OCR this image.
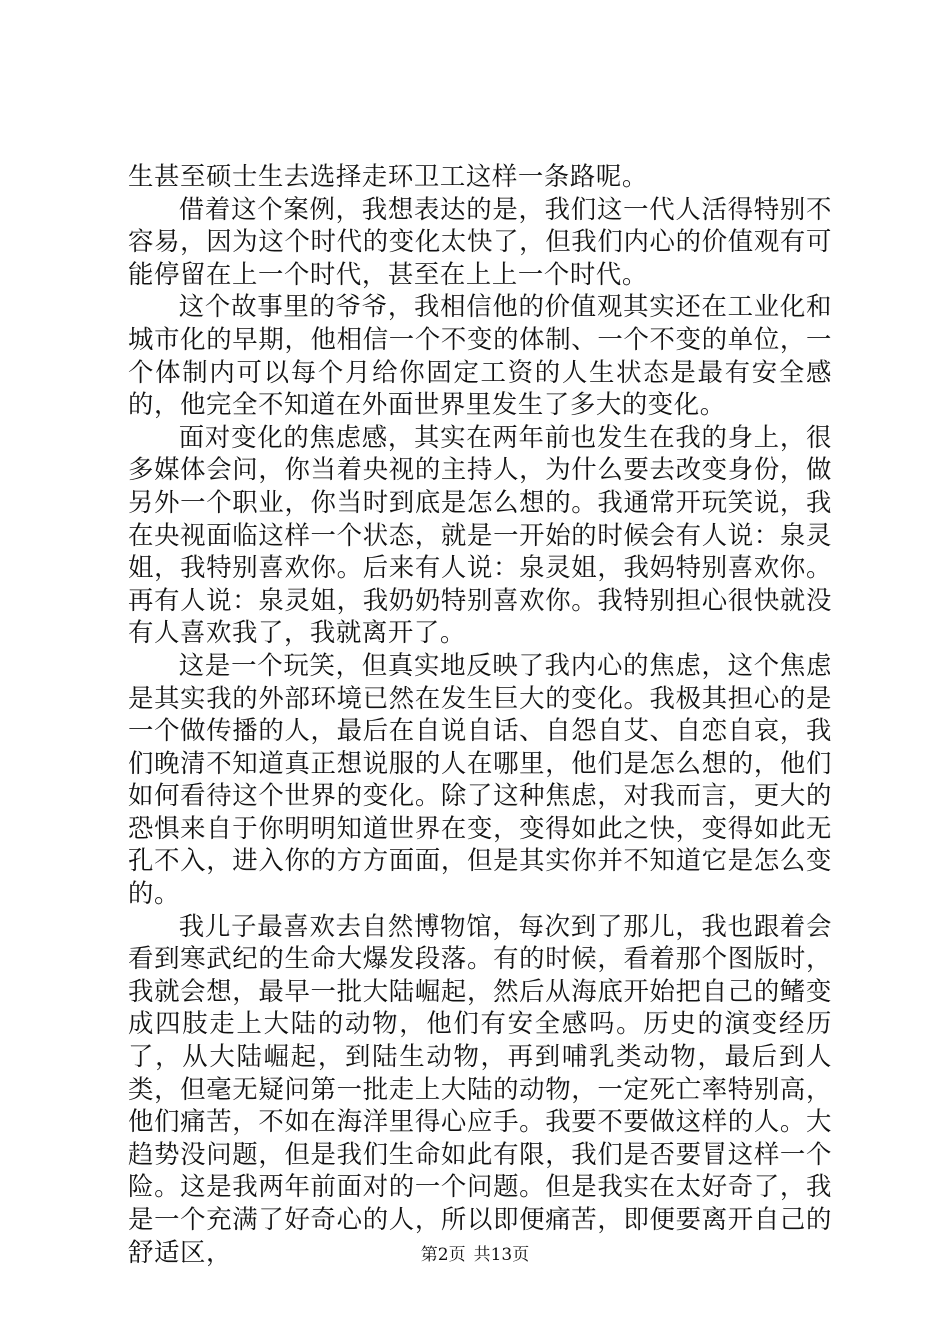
生甚至硕士生去选择走环卫工这样一条路呢。

借着这个案例，我想表达的是，我们这一代人活得特别不容易，因为这个时代的变化太快了，但我们内心的价值观有可能停留在上一个时代，甚至在上上一个时代。

这个故事里的爷爷，我相信他的价值观其实还在工业化和城市化的早期，他相信一个不变的体制、一个不变的单位，一个体制内可以每个月给你固定工资的人生状态是最有安全感的，他完全不知道在外面世界里发生了多大的变化。

面对变化的焦虑感，其实在两年前也发生在我的身上，很多媒体会问，你当着央视的主持人，为什么要去改变身份，做另外一个职业，你当时到底是怎么想的。我通常开玩笑说，我在央视面临这样一个状态，就是一开始的时候会有人说：泉灵姐，我特别喜欢你。后来有人说：泉灵姐，我妈特别喜欢你。再有人说：泉灵姐，我奶奶特别喜欢你。我特别担心很快就没有人喜欢我了，我就离开了。

这是一个玩笑，但真实地反映了我内心的焦虑，这个焦虑是其实我的外部环境已然在发生巨大的变化。我极其担心的是一个做传播的人，最后在自说自话、自怨自艾、自恋自哀，我们晚清不知道真正想说服的人在哪里，他们是怎么想的，他们如何看待这个世界的变化。除了这种焦虑，对我而言，更大的恐惧来自于你明明知道世界在变，变得如此之快，变得如此无孔不入，进入你的方方面面，但是其实你并不知道它是怎么变的。

我儿子最喜欢去自然博物馆，每次到了那儿，我也跟着会看到寒武纪的生命大爆发段落。有的时候，看着那个图版时，我就会想，最早一批大陆崛起，然后从海底开始把自己的鳍变成四肢走上大陆的动物，他们有安全感吗。历史的演变经历了，从大陆崛起，到陆生动物，再到哺乳类动物，最后到人类，但毫无疑问第一批走上大陆的动物，一定死亡率特别高，他们痛苦，不如在海洋里得心应手。我要不要做这样的人。大趋势没问题，但是我们生命如此有限，我们是否要冒这样一个险。这是我两年前面对的一个问题。但是我实在太好奇了，我是一个充满了好奇心的人，所以即便痛苦，即便要离开自己的舒适区，	第2页 共13页
